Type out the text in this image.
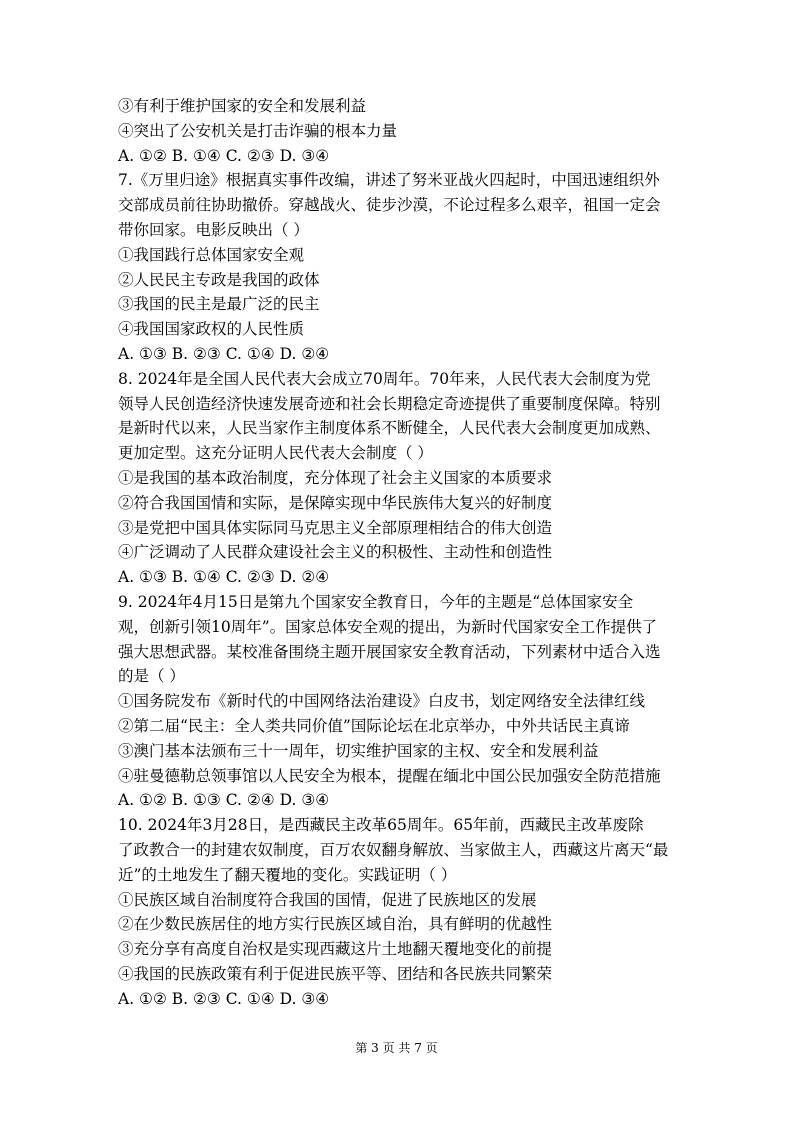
③有利于维护国家的安全和发展利益
④突出了公安机关是打击诈骗的根本力量
A. ①② B. ①④ C. ②③ D. ③④
7.《万里归途》根据真实事件改编，讲述了努米亚战火四起时，中国迅速组织外
交部成员前往协助撤侨。穿越战火、徒步沙漠，不论过程多么艰辛，祖国一定会
带你回家。电影反映出（ ）
①我国践行总体国家安全观
②人民民主专政是我国的政体
③我国的民主是最广泛的民主
④我国国家政权的人民性质
A. ①③ B. ②③ C. ①④ D. ②④
8. 2024年是全国人民代表大会成立70周年。70年来，人民代表大会制度为党
领导人民创造经济快速发展奇迹和社会长期稳定奇迹提供了重要制度保障。特别
是新时代以来，人民当家作主制度体系不断健全，人民代表大会制度更加成熟、
更加定型。这充分证明人民代表大会制度（ ）
①是我国的基本政治制度，充分体现了社会主义国家的本质要求
②符合我国国情和实际，是保障实现中华民族伟大复兴的好制度
③是党把中国具体实际同马克思主义全部原理相结合的伟大创造
④广泛调动了人民群众建设社会主义的积极性、主动性和创造性
A. ①③ B. ①④ C. ②③ D. ②④
9. 2024年4月15日是第九个国家安全教育日，今年的主题是“总体国家安全
观，创新引领10周年”。国家总体安全观的提出，为新时代国家安全工作提供了
强大思想武器。某校准备围绕主题开展国家安全教育活动，下列素材中适合入选
的是（ ）
①国务院发布《新时代的中国网络法治建设》白皮书，划定网络安全法律红线
②第二届“民主：全人类共同价值”国际论坛在北京举办，中外共话民主真谛
③澳门基本法颁布三十一周年，切实维护国家的主权、安全和发展利益
④驻曼德勒总领事馆以人民安全为根本，提醒在缅北中国公民加强安全防范措施
A. ①② B. ①③ C. ②④ D. ③④
10. 2024年3月28日，是西藏民主改革65周年。65年前，西藏民主改革废除
了政教合一的封建农奴制度，百万农奴翻身解放、当家做主人，西藏这片离天“最
近”的土地发生了翻天覆地的变化。实践证明（ ）
①民族区域自治制度符合我国的国情，促进了民族地区的发展
②在少数民族居住的地方实行民族区域自治，具有鲜明的优越性
③充分享有高度自治权是实现西藏这片土地翻天覆地变化的前提
④我国的民族政策有利于促进民族平等、团结和各民族共同繁荣
A. ①② B. ②③ C. ①④ D. ③④
第 3 页 共 7 页
